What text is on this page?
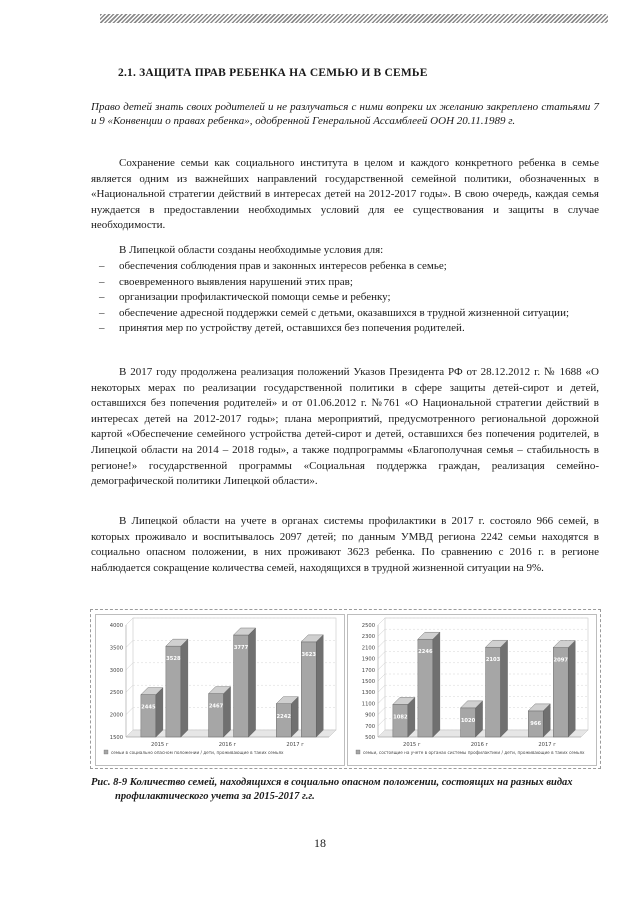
2.1. ЗАЩИТА ПРАВ РЕБЕНКА НА СЕМЬЮ И В СЕМЬЕ
Право детей знать своих родителей и не разлучаться с ними вопреки их желанию закреплено статьями 7 и 9 «Конвенции о правах ребенка», одобренной Генеральной Ассамблеей ООН 20.11.1989 г.

Сохранение семьи как социального института в целом и каждого конкретного ребенка в семье является одним из важнейших направлений государственной семейной политики, обозначенных в «Национальной стратегии действий в интересах детей на 2012-2017 годы». В свою очередь, каждая семья нуждается в предоставлении необходимых условий для ее существования и защиты в случае необходимости.

В Липецкой области созданы необходимые условия для:

– обеспечения соблюдения прав и законных интересов ребенка в семье;
– своевременного выявления нарушений этих прав;
– организации профилактической помощи семье и ребенку;
– обеспечение адресной поддержки семей с детьми, оказавшихся в трудной жизненной ситуации;
– принятия мер по устройству детей, оставшихся без попечения родителей.

В 2017 году продолжена реализация положений Указов Президента РФ от 28.12.2012 г. № 1688 «О некоторых мерах по реализации государственной политики в сфере защиты детей-сирот и детей, оставшихся без попечения родителей» и от 01.06.2012 г. №761 «О Национальной стратегии действий в интересах детей на 2012-2017 годы»; плана мероприятий, предусмотренного региональной дорожной картой «Обеспечение семейного устройства детей-сирот и детей, оставшихся без попечения родителей, в Липецкой области на 2014 – 2018 годы», а также подпрограммы «Благополучная семья – стабильность в регионе!» государственной программы «Социальная поддержка граждан, реализация семейно-демографической политики Липецкой области».

В Липецкой области на учете в органах системы профилактики в 2017 г. состояло 966 семей, в которых проживало и воспитывалось 2097 детей; по данным УМВД региона 2242 семьи находятся в социально опасном положении, в них проживают 3623 ребенка. По сравнению с 2016 г. в регионе наблюдается сокращение количества семей, находящихся в трудной жизненной ситуации на 9%.

1500
2000
2500
3000
3500
4000
2445
3528
2015 г
2467
3777
2016 г
2242
3623
2017 г
семьи в социально опасном положении / дети, проживающие в таких семьях
500
700
900
1100
1300
1500
1700
1900
2100
2300
2500
1082
2246
2015 г
1020
2103
2016 г
966
2097
2017 г
семьи, состоящие на учете в органах системы профилактики / дети, проживающие в таких семьях
Рис. 8-9 Количество семей, находящихся в социально опасном положении, состоящих на разных видах
профилактического учета за 2015-2017 г.г.
18
